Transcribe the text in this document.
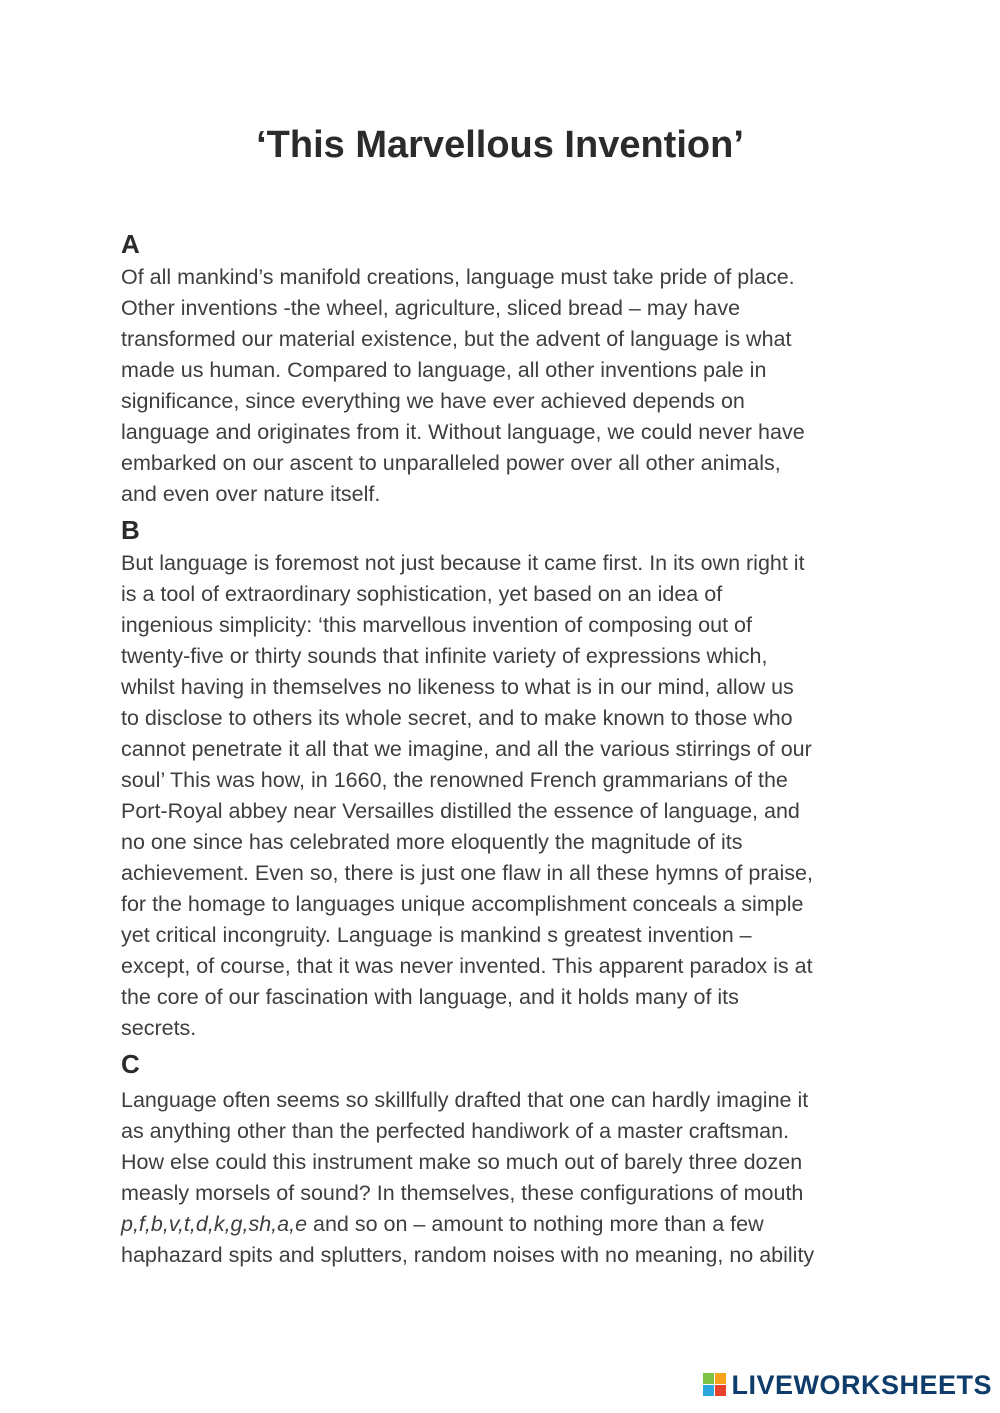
‘This Marvellous Invention’
A

Of all mankind’s manifold creations, language must take pride of place.
Other inventions -the wheel, agriculture, sliced bread – may have
transformed our material existence, but the advent of language is what
made us human. Compared to language, all other inventions pale in
significance, since everything we have ever achieved depends on
language and originates from it. Without language, we could never have
embarked on our ascent to unparalleled power over all other animals,
and even over nature itself.

B

But language is foremost not just because it came first. In its own right it
is a tool of extraordinary sophistication, yet based on an idea of
ingenious simplicity: ‘this marvellous invention of composing out of
twenty-five or thirty sounds that infinite variety of expressions which,
whilst having in themselves no likeness to what is in our mind, allow us
to disclose to others its whole secret, and to make known to those who
cannot penetrate it all that we imagine, and all the various stirrings of our
soul’ This was how, in 1660, the renowned French grammarians of the
Port-Royal abbey near Versailles distilled the essence of language, and
no one since has celebrated more eloquently the magnitude of its
achievement. Even so, there is just one flaw in all these hymns of praise,
for the homage to languages unique accomplishment conceals a simple
yet critical incongruity. Language is mankind s greatest invention –
except, of course, that it was never invented. This apparent paradox is at
the core of our fascination with language, and it holds many of its
secrets.

C

Language often seems so skillfully drafted that one can hardly imagine it
as anything other than the perfected handiwork of a master craftsman.
How else could this instrument make so much out of barely three dozen
measly morsels of sound? In themselves, these configurations of mouth
p,f,b,v,t,d,k,g,sh,a,e and so on – amount to nothing more than a few
haphazard spits and splutters, random noises with no meaning, no ability

LIVEWORKSHEETS
